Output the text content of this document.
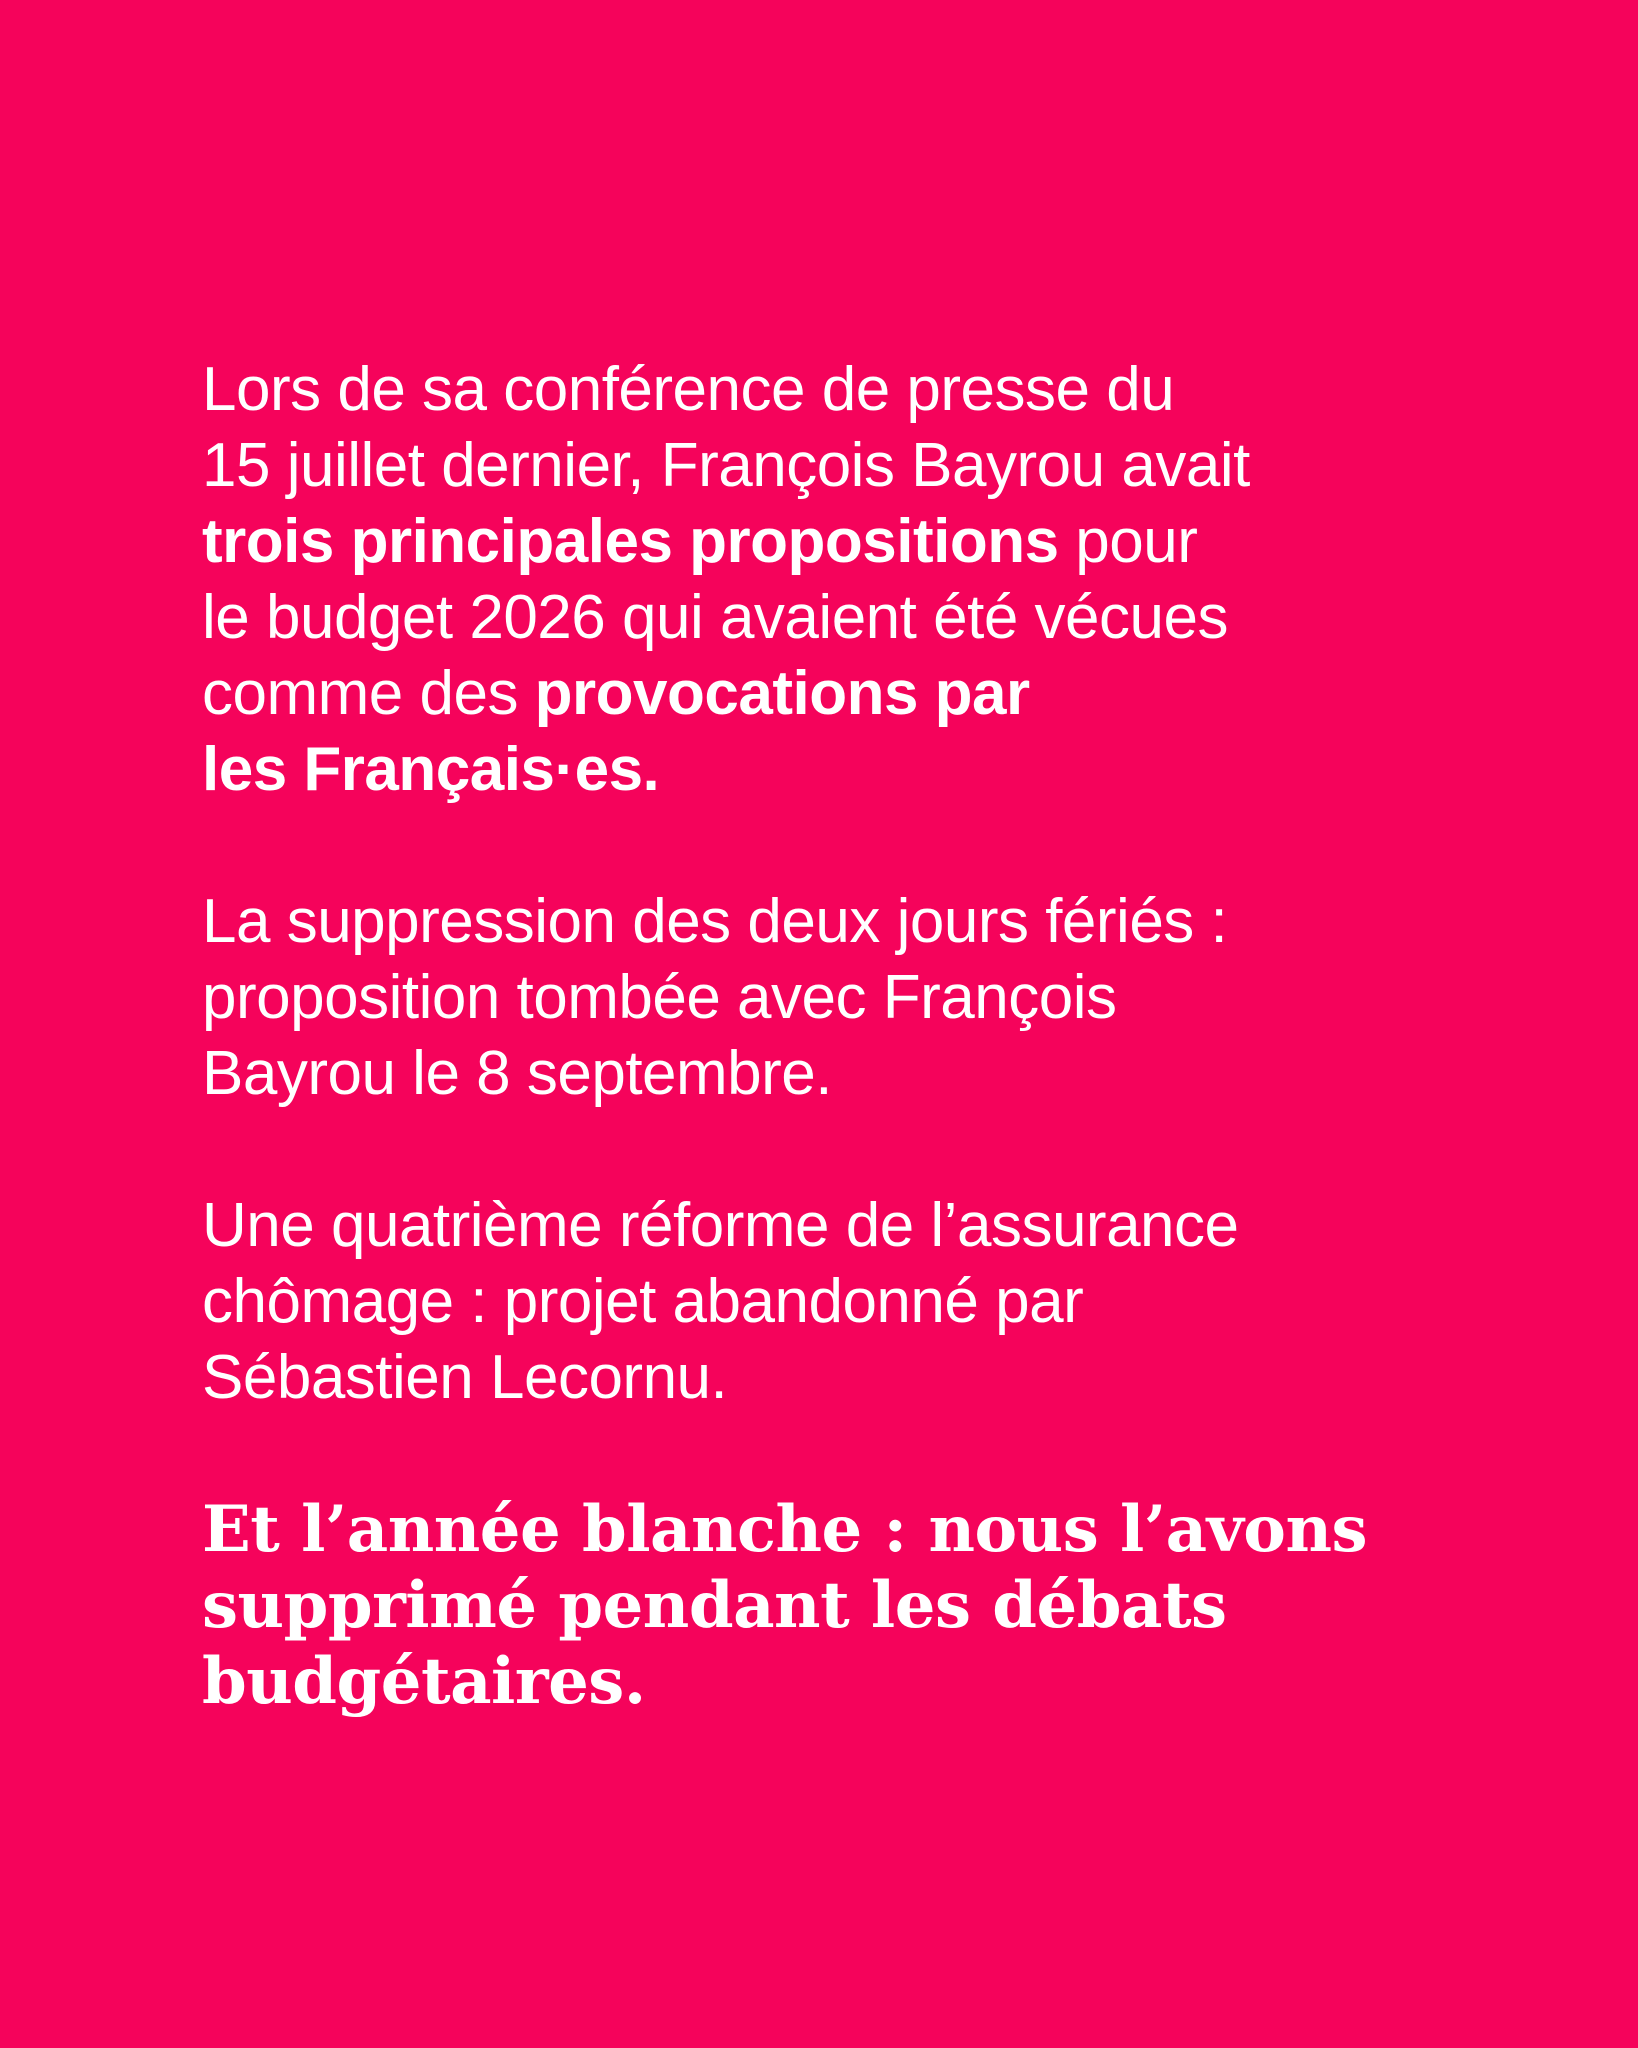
Lors de sa conférence de presse du
15 juillet dernier, François Bayrou avait
trois principales propositions pour
le budget 2026 qui avaient été vécues
comme des provocations par
les Français·es.

La suppression des deux jours fériés :
proposition tombée avec François
Bayrou le 8 septembre.

Une quatrième réforme de l’assurance
chômage : projet abandonné par
Sébastien Lecornu.

Et l’année blanche : nous l’avons
supprimé pendant les débats
budgétaires.
